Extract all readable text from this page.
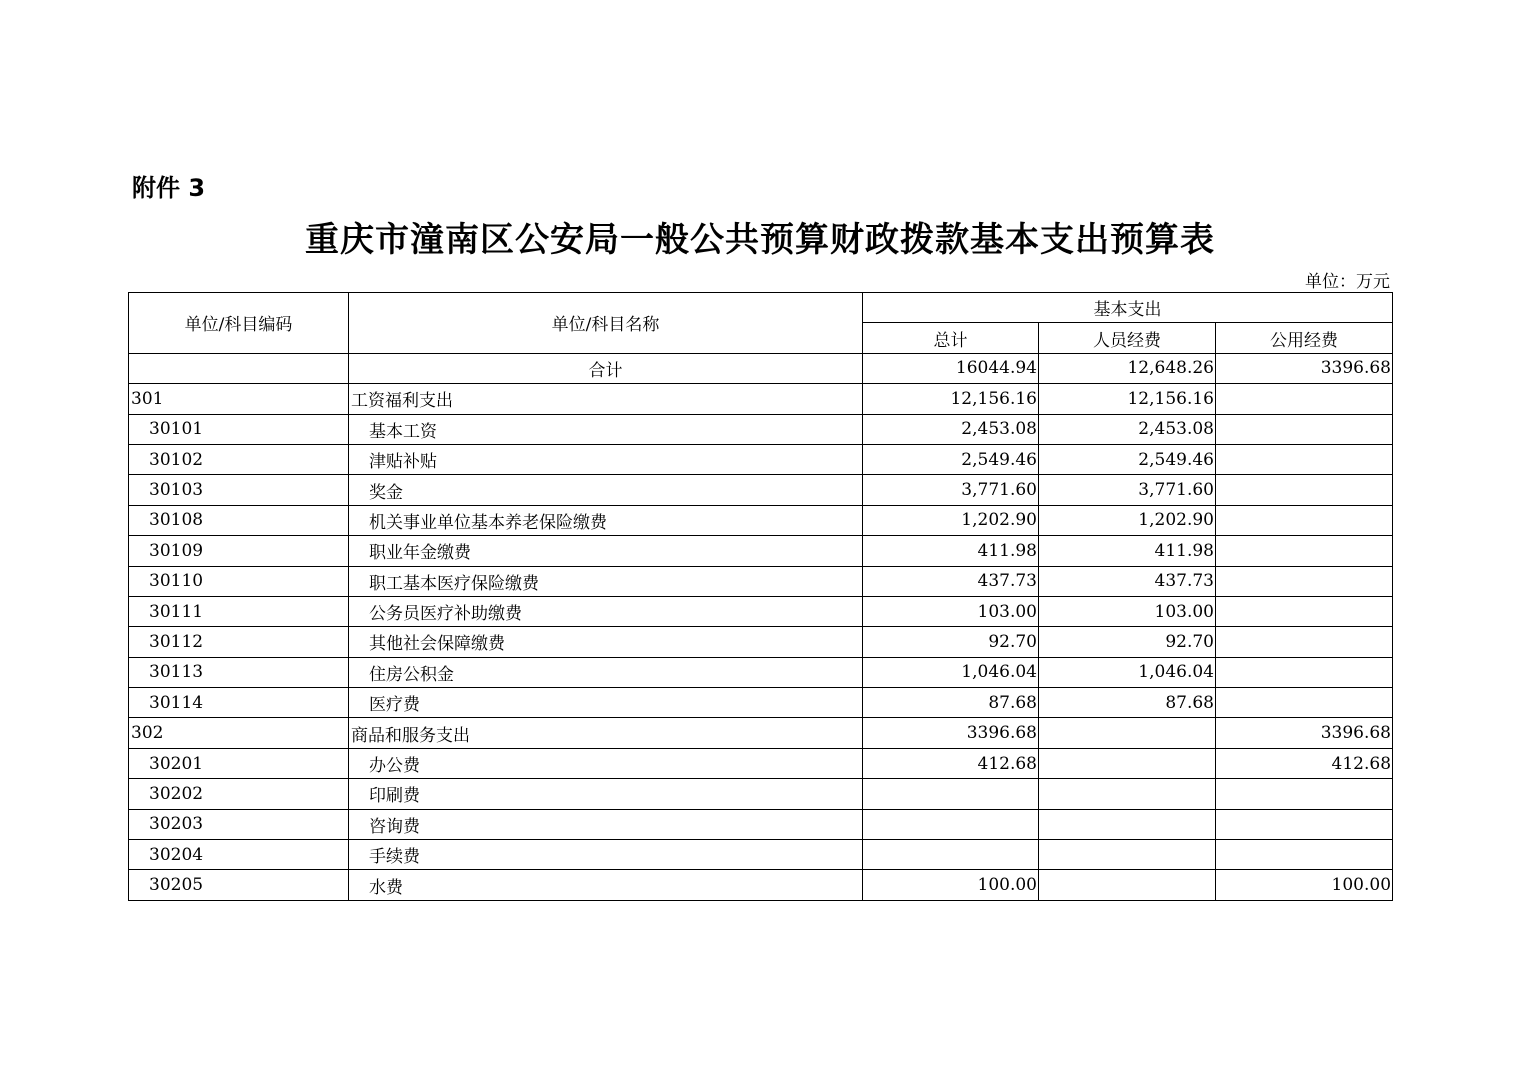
附件 3
重庆市潼南区公安局一般公共预算财政拨款基本支出预算表
单位：万元
单位/科目编码	单位/科目名称	基本支出		
		总计	人员经费	公用经费
	合计	16044.94	12,648.26	3396.68
301	工资福利支出	12,156.16	12,156.16	
30101	基本工资	2,453.08	2,453.08	
30102	津贴补贴	2,549.46	2,549.46	
30103	奖金	3,771.60	3,771.60	
30108	机关事业单位基本养老保险缴费	1,202.90	1,202.90	
30109	职业年金缴费	411.98	411.98	
30110	职工基本医疗保险缴费	437.73	437.73	
30111	公务员医疗补助缴费	103.00	103.00	
30112	其他社会保障缴费	92.70	92.70	
30113	住房公积金	1,046.04	1,046.04	
30114	医疗费	87.68	87.68	
302	商品和服务支出	3396.68		3396.68
30201	办公费	412.68		412.68
30202	印刷费			
30203	咨询费			
30204	手续费			
30205	水费	100.00		100.00
